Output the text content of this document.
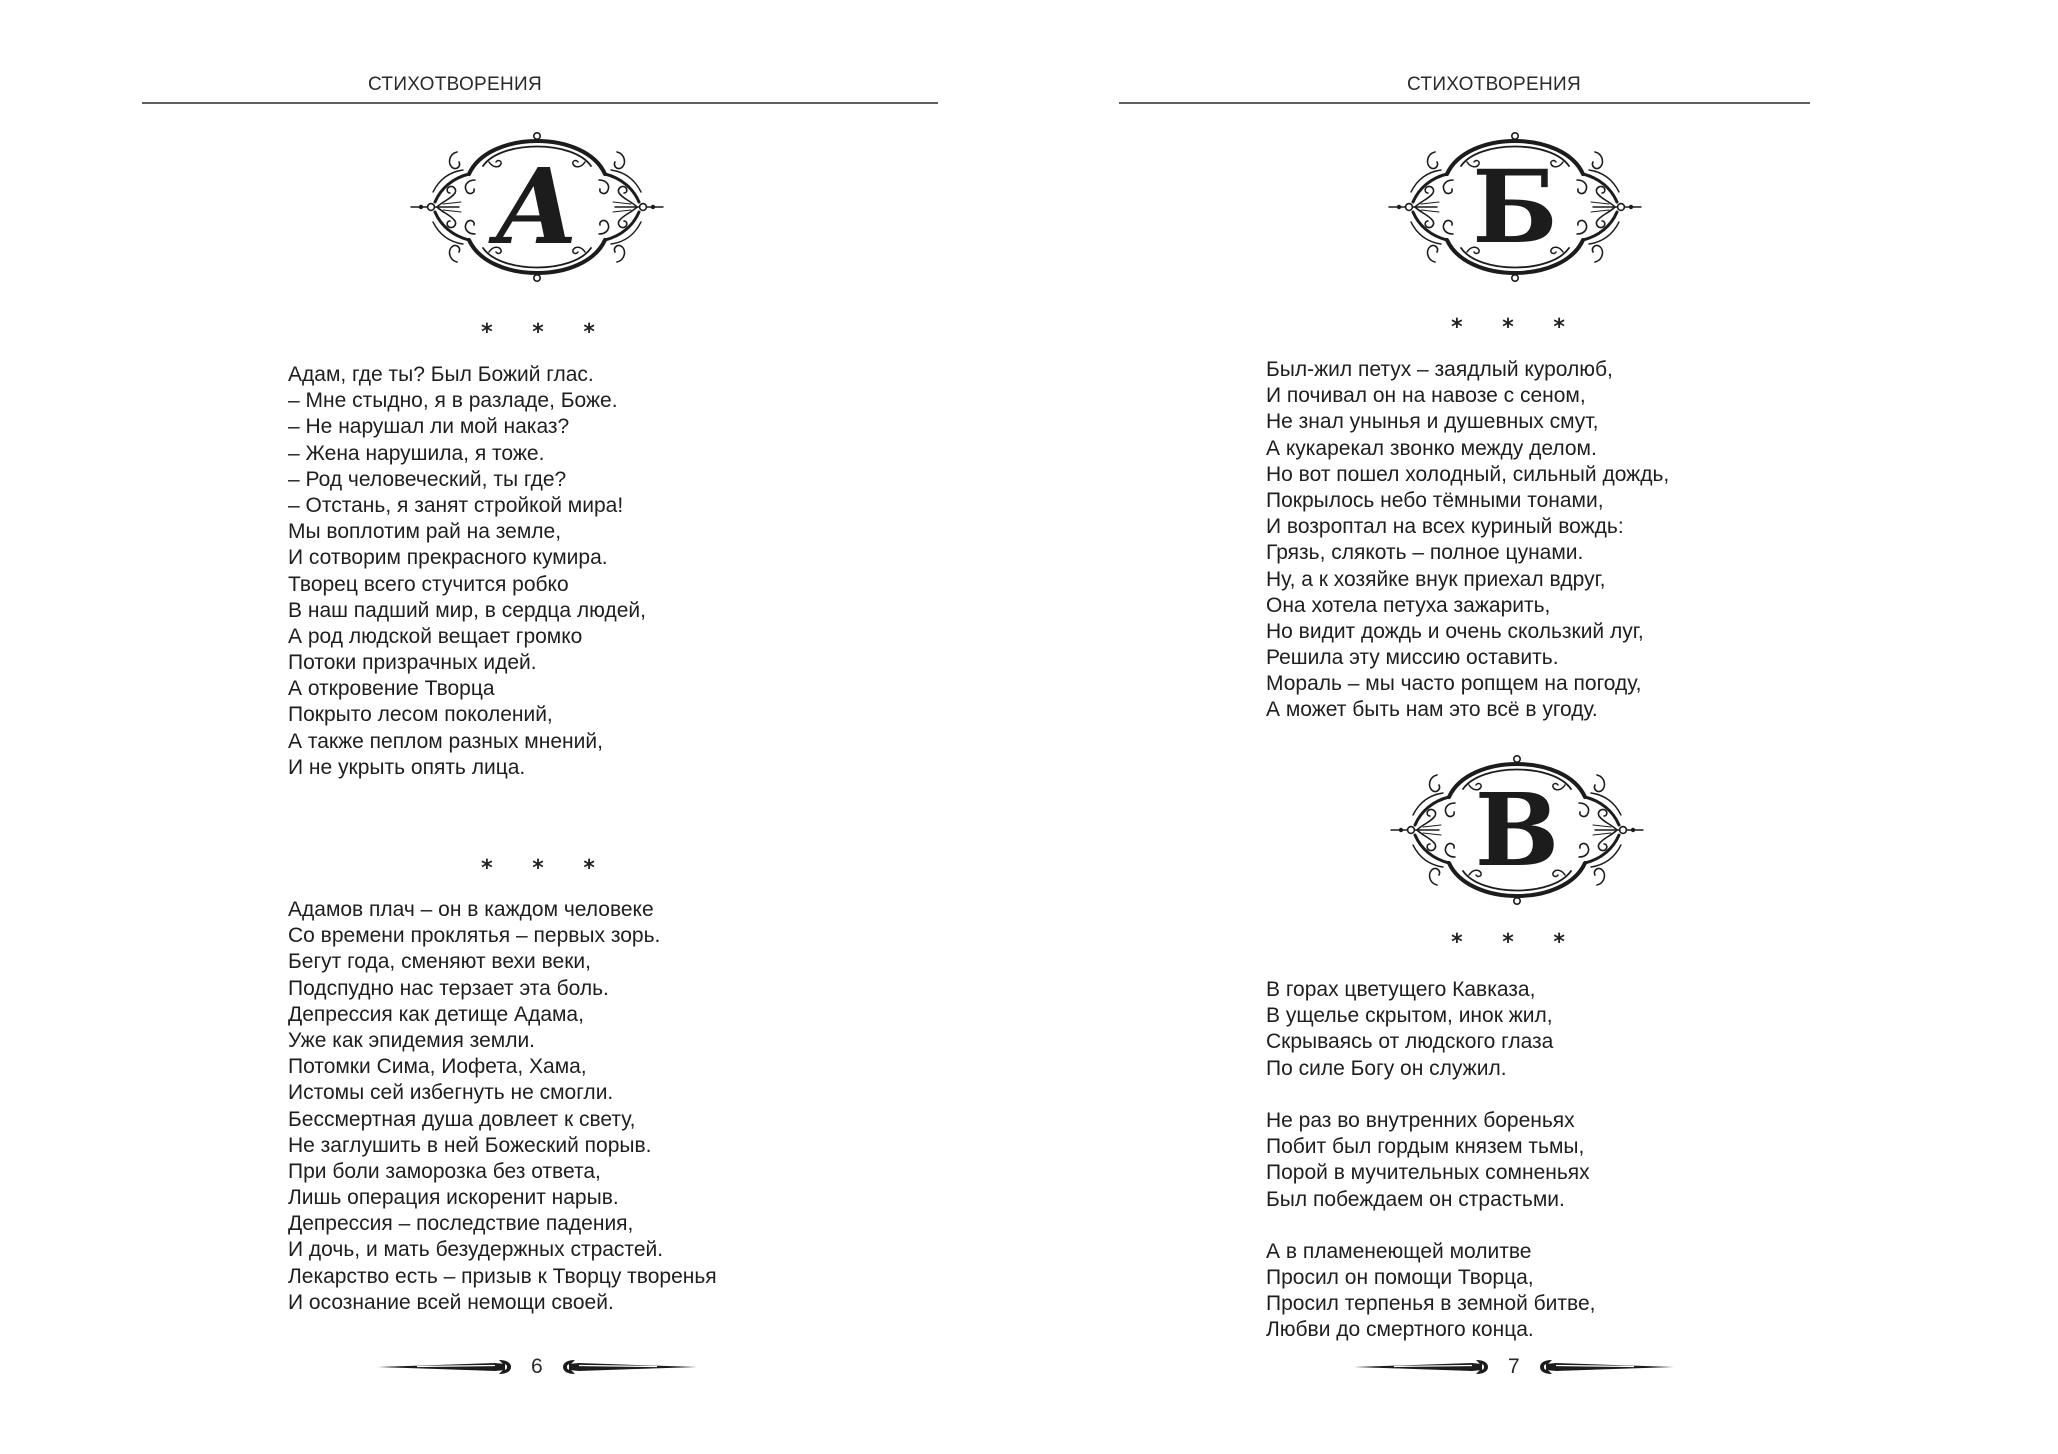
СТИХОТВОРЕНИЯ
А
* * *
Адам, где ты? Был Божий глас.
– Мне стыдно, я в разладе, Боже.
– Не нарушал ли мой наказ?
– Жена нарушила, я тоже.
– Род человеческий, ты где?
– Отстань, я занят стройкой мира!
Мы воплотим рай на земле,
И сотворим прекрасного кумира.
Творец всего стучится робко
В наш падший мир, в сердца людей,
А род людской вещает громко
Потоки призрачных идей.
А откровение Творца
Покрыто лесом поколений,
А также пеплом разных мнений,
И не укрыть опять лица.
* * *
Адамов плач – он в каждом человеке
Со времени проклятья – первых зорь.
Бегут года, сменяют вехи веки,
Подспудно нас терзает эта боль.
Депрессия как детище Адама,
Уже как эпидемия земли.
Потомки Сима, Иофета, Хама,
Истомы сей избегнуть не смогли.
Бессмертная душа довлеет к свету,
Не заглушить в ней Божеский порыв.
При боли заморозка без ответа,
Лишь операция искоренит нарыв.
Депрессия – последствие падения,
И дочь, и мать безудержных страстей.
Лекарство есть – призыв к Творцу творенья
И осознание всей немощи своей.
6
СТИХОТВОРЕНИЯ
Б
* * *
Был-жил петух – заядлый куролюб,
И почивал он на навозе с сеном,
Не знал унынья и душевных смут,
А кукарекал звонко между делом.
Но вот пошел холодный, сильный дождь,
Покрылось небо тёмными тонами,
И возроптал на всех куриный вождь:
Грязь, слякоть – полное цунами.
Ну, а к хозяйке внук приехал вдруг,
Она хотела петуха зажарить,
Но видит дождь и очень скользкий луг,
Решила эту миссию оставить.
Мораль – мы часто ропщем на погоду,
А может быть нам это всё в угоду.
В
* * *
В горах цветущего Кавказа,
В ущелье скрытом, инок жил,
Скрываясь от людского глаза
По силе Богу он служил.
Не раз во внутренних бореньях
Побит был гордым князем тьмы,
Порой в мучительных сомненьях
Был побеждаем он страстьми.
А в пламенеющей молитве
Просил он помощи Творца,
Просил терпенья в земной битве,
Любви до смертного конца.
7
